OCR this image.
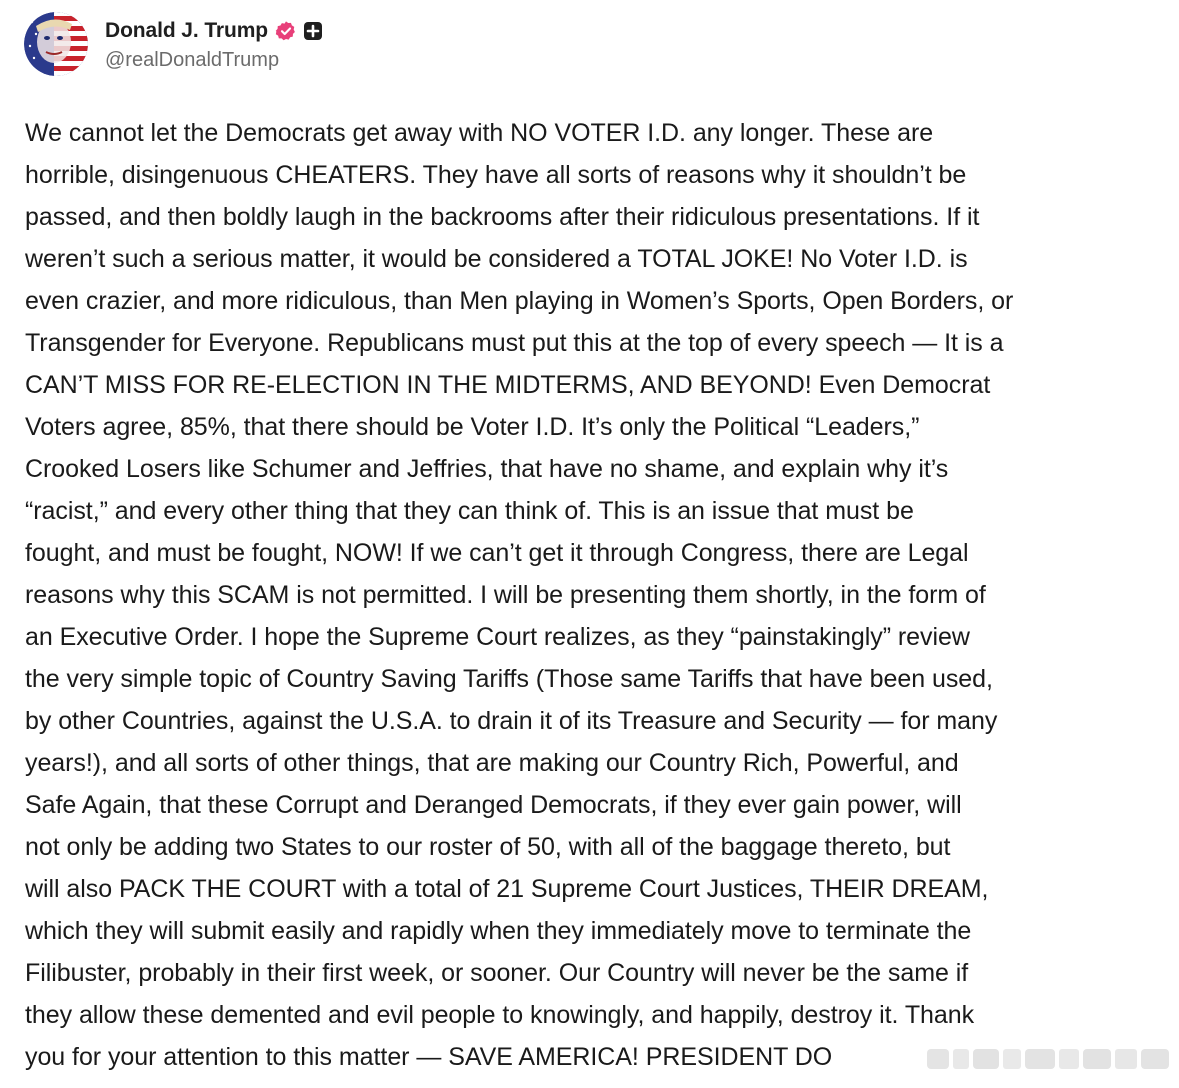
Donald J. Trump
@realDonaldTrump
We cannot let the Democrats get away with NO VOTER I.D. any longer. These are
horrible, disingenuous CHEATERS. They have all sorts of reasons why it shouldn’t be
passed, and then boldly laugh in the backrooms after their ridiculous presentations. If it
weren’t such a serious matter, it would be considered a TOTAL JOKE! No Voter I.D. is
even crazier, and more ridiculous, than Men playing in Women’s Sports, Open Borders, or
Transgender for Everyone. Republicans must put this at the top of every speech — It is a
CAN’T MISS FOR RE-ELECTION IN THE MIDTERMS, AND BEYOND! Even Democrat
Voters agree, 85%, that there should be Voter I.D. It’s only the Political “Leaders,”
Crooked Losers like Schumer and Jeffries, that have no shame, and explain why it’s
“racist,” and every other thing that they can think of. This is an issue that must be
fought, and must be fought, NOW! If we can’t get it through Congress, there are Legal
reasons why this SCAM is not permitted. I will be presenting them shortly, in the form of
an Executive Order. I hope the Supreme Court realizes, as they “painstakingly” review
the very simple topic of Country Saving Tariffs (Those same Tariffs that have been used,
by other Countries, against the U.S.A. to drain it of its Treasure and Security — for many
years!), and all sorts of other things, that are making our Country Rich, Powerful, and
Safe Again, that these Corrupt and Deranged Democrats, if they ever gain power, will
not only be adding two States to our roster of 50, with all of the baggage thereto, but
will also PACK THE COURT with a total of 21 Supreme Court Justices, THEIR DREAM,
which they will submit easily and rapidly when they immediately move to terminate the
Filibuster, probably in their first week, or sooner. Our Country will never be the same if
they allow these demented and evil people to knowingly, and happily, destroy it. Thank
you for your attention to this matter — SAVE AMERICA! PRESIDENT DO
